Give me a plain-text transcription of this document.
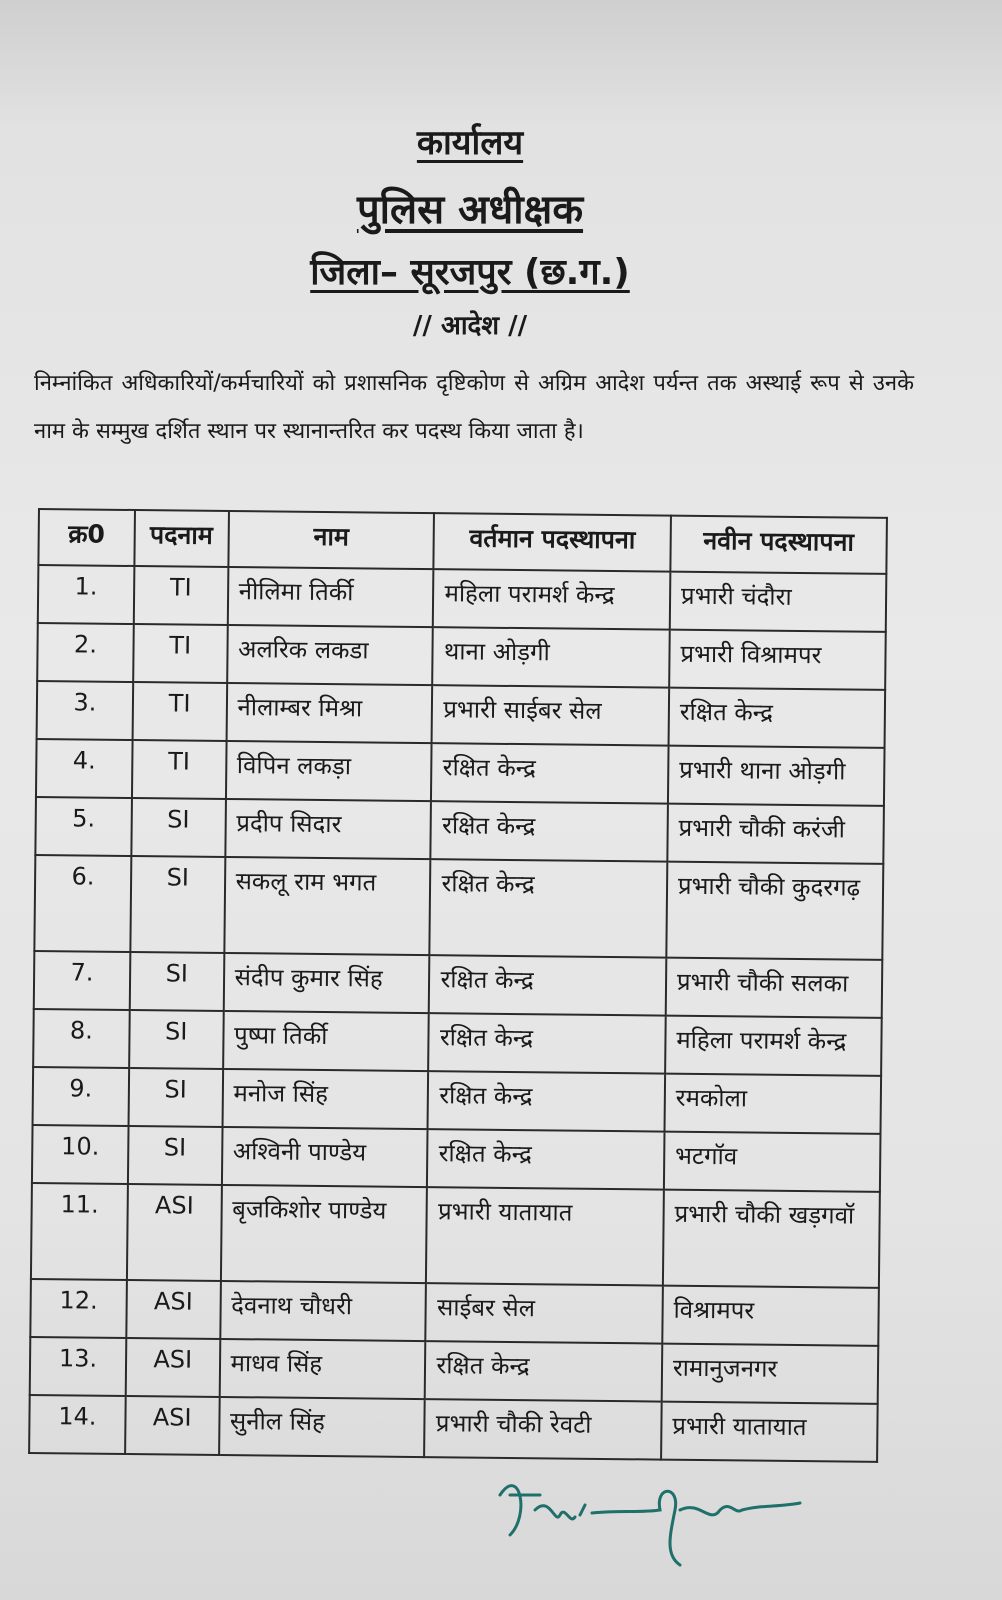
कार्यालय
पुलिस अधीक्षक
जिला– सूरजपुर (छ.ग.)
// आदेश //
निम्नांकित अधिकारियों/कर्मचारियों को प्रशासनिक दृष्टिकोण से अग्रिम आदेश पर्यन्त तक अस्थाई रूप से उनके नाम के सम्मुख दर्शित स्थान पर स्थानान्तरित कर पदस्थ किया जाता है।
क्र0	पदनाम	नाम	वर्तमान पदस्थापना	नवीन पदस्थापना
1.	TI	नीलिमा तिर्की	महिला परामर्श केन्द्र	प्रभारी चंदौरा
2.	TI	अलरिक लकडा	थाना ओड़गी	प्रभारी विश्रामपर
3.	TI	नीलाम्बर मिश्रा	प्रभारी साईबर सेल	रक्षित केन्द्र
4.	TI	विपिन लकड़ा	रक्षित केन्द्र	प्रभारी थाना ओड़गी
5.	SI	प्रदीप सिदार	रक्षित केन्द्र	प्रभारी चौकी करंजी
6.	SI	सकलू राम भगत	रक्षित केन्द्र	प्रभारी चौकी कुदरगढ़
7.	SI	संदीप कुमार सिंह	रक्षित केन्द्र	प्रभारी चौकी सलका
8.	SI	पुष्पा तिर्की	रक्षित केन्द्र	महिला परामर्श केन्द्र
9.	SI	मनोज सिंह	रक्षित केन्द्र	रमकोला
10.	SI	अश्विनी पाण्डेय	रक्षित केन्द्र	भटगॉव
11.	ASI	बृजकिशोर पाण्डेय	प्रभारी यातायात	प्रभारी चौकी खड़गवॉ
12.	ASI	देवनाथ चौधरी	साईबर सेल	विश्रामपर
13.	ASI	माधव सिंह	रक्षित केन्द्र	रामानुजनगर
14.	ASI	सुनील सिंह	प्रभारी चौकी रेवटी	प्रभारी यातायात
